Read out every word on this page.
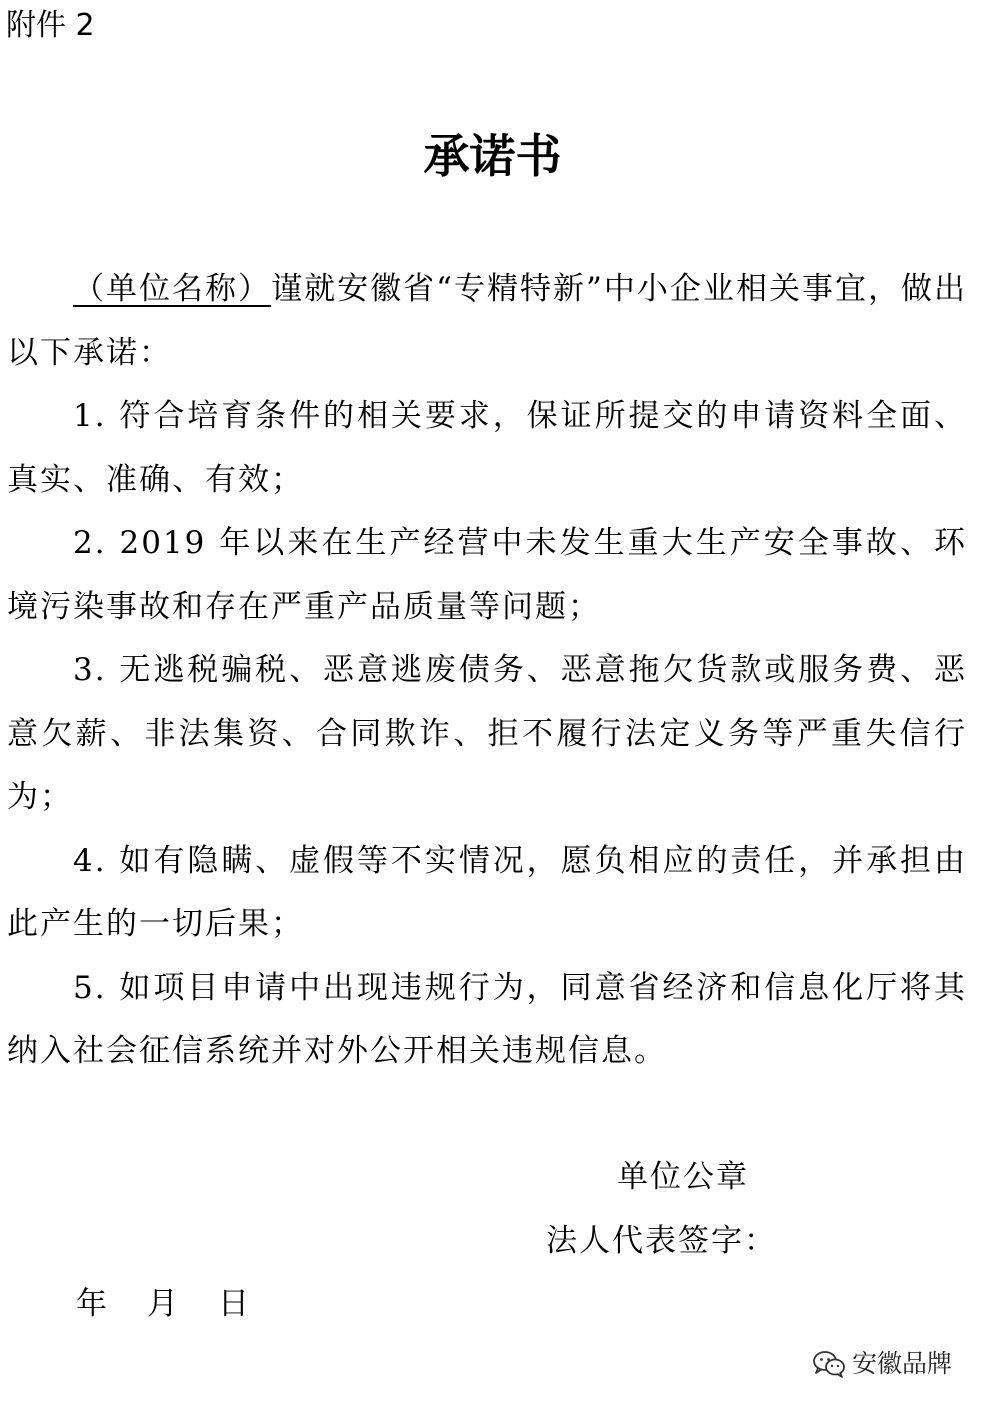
附件 2
承诺书

（单位名称）谨就安徽省“专精特新”中小企业相关事宜，做出以下承诺：

1. 符合培育条件的相关要求，保证所提交的申请资料全面、真实、准确、有效；

2. 2019 年以来在生产经营中未发生重大生产安全事故、环境污染事故和存在严重产品质量等问题；

3. 无逃税骗税、恶意逃废债务、恶意拖欠货款或服务费、恶意欠薪、非法集资、合同欺诈、拒不履行法定义务等严重失信行为；

4. 如有隐瞒、虚假等不实情况，愿负相应的责任，并承担由此产生的一切后果；

5. 如项目申请中出现违规行为，同意省经济和信息化厅将其纳入社会征信系统并对外公开相关违规信息。

单位公章
法人代表签字：
年 月 日
安徽品牌
